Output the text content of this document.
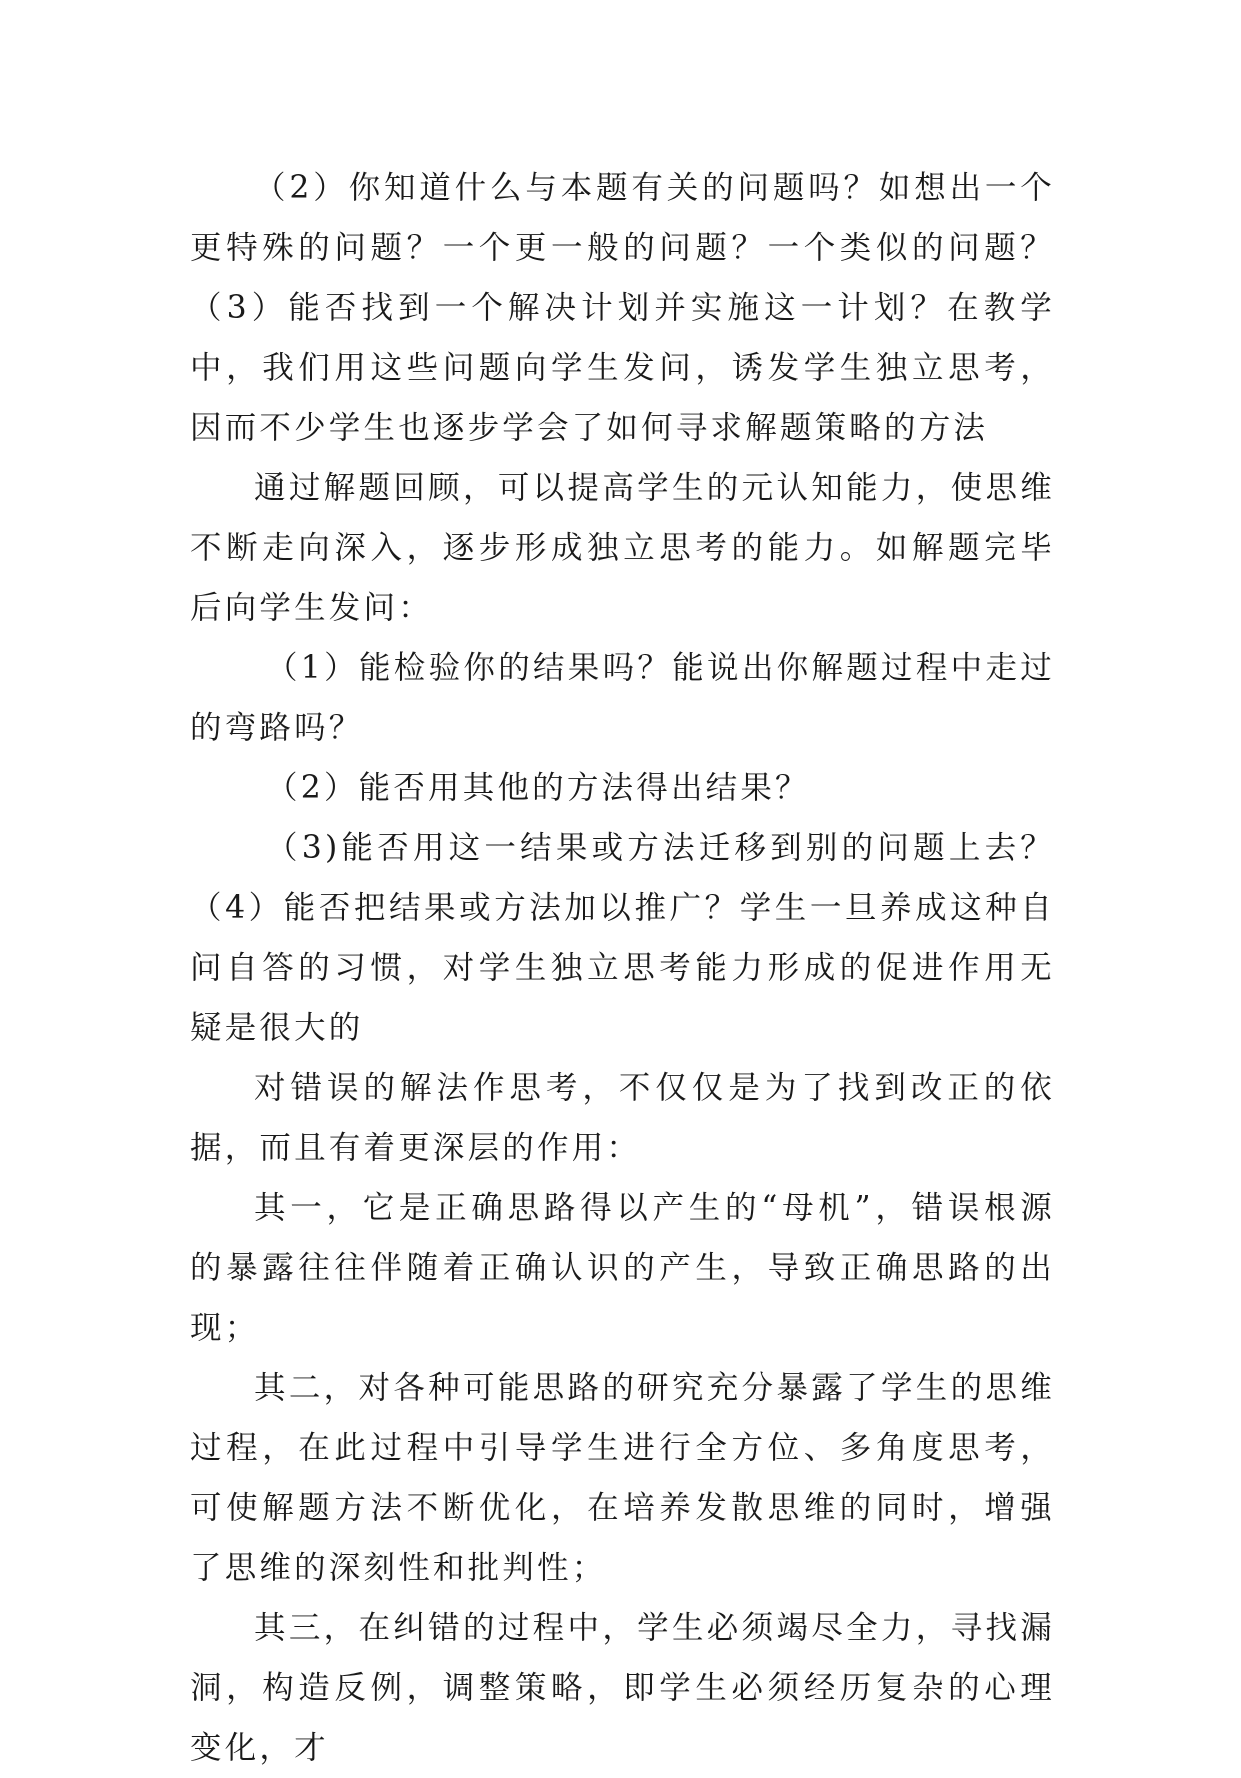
（2）你知道什么与本题有关的问题吗？如想出一个更特殊的问题？一个更一般的问题？一个类似的问题？（3）能否找到一个解决计划并实施这一计划？在教学中，我们用这些问题向学生发问，诱发学生独立思考，因而不少学生也逐步学会了如何寻求解题策略的方法

通过解题回顾，可以提高学生的元认知能力，使思维不断走向深入，逐步形成独立思考的能力。如解题完毕后向学生发问：

（1）能检验你的结果吗？能说出你解题过程中走过的弯路吗？

（2）能否用其他的方法得出结果？

（3)能否用这一结果或方法迁移到别的问题上去？（4）能否把结果或方法加以推广？学生一旦养成这种自问自答的习惯，对学生独立思考能力形成的促进作用无疑是很大的

对错误的解法作思考，不仅仅是为了找到改正的依据，而且有着更深层的作用：

其一，它是正确思路得以产生的“母机”，错误根源的暴露往往伴随着正确认识的产生，导致正确思路的出现；

其二，对各种可能思路的研究充分暴露了学生的思维过程，在此过程中引导学生进行全方位、多角度思考，可使解题方法不断优化，在培养发散思维的同时，增强了思维的深刻性和批判性；

其三，在纠错的过程中，学生必须竭尽全力，寻找漏洞，构造反例，调整策略，即学生必须经历复杂的心理变化，才
